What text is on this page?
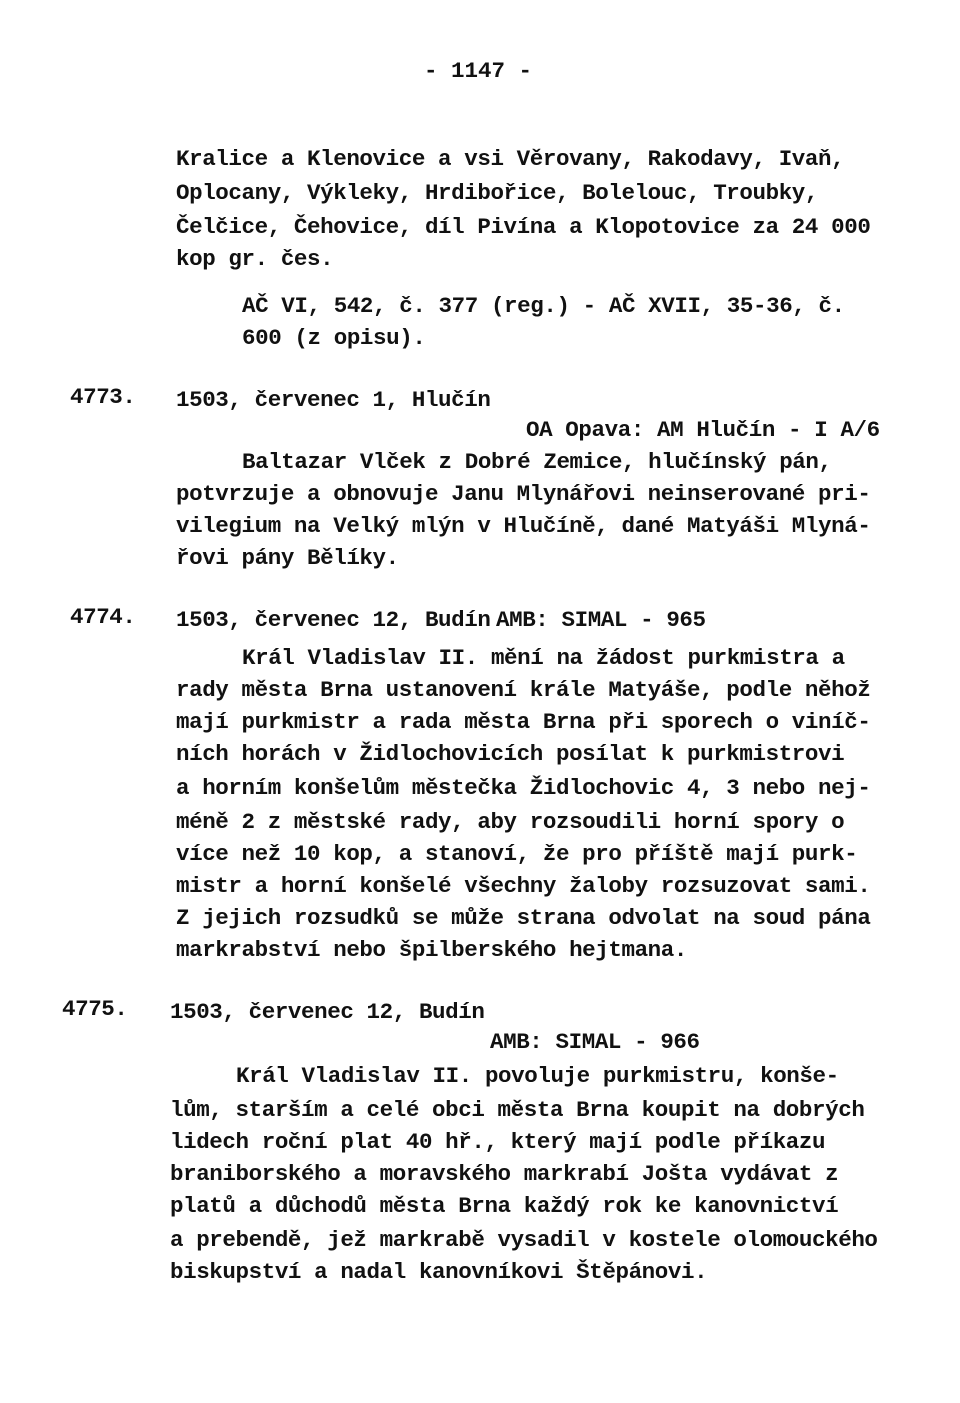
- 1147 -
Kralice a Klenovice a vsi Věrovany, Rakodavy, Ivaň,
Oplocany, Výkleky, Hrdibořice, Bolelouc, Troubky,
Čelčice, Čehovice, díl Pivína a Klopotovice za 24 000
kop gr. čes.
AČ VI, 542, č. 377 (reg.) - AČ XVII, 35-36, č.
600 (z opisu).
4773. 1503, červenec 1, Hlučín
OA Opava: AM Hlučín - I A/6
Baltazar Vlček z Dobré Zemice, hlučínský pán,
potvrzuje a obnovuje Janu Mlynářovi neinserované pri-
vilegium na Velký mlýn v Hlučíně, dané Matyáši Mlyná-
řovi pány Bělíky.
4774. 1503, červenec 12, Budín AMB: SIMAL - 965
Král Vladislav II. mění na žádost purkmistra a
rady města Brna ustanovení krále Matyáše, podle něhož
mají purkmistr a rada města Brna při sporech o viníč-
ních horách v Židlochovicích posílat k purkmistrovi
a horním konšelům městečka Židlochovic 4, 3 nebo nej-
méně 2 z městské rady, aby rozsoudili horní spory o
více než 10 kop, a stanoví, že pro příště mají purk-
mistr a horní konšelé všechny žaloby rozsuzovat sami.
Z jejich rozsudků se může strana odvolat na soud pána
markrabství nebo špilberského hejtmana.
4775. 1503, červenec 12, Budín
AMB: SIMAL - 966
Král Vladislav II. povoluje purkmistru, konše-
lům, starším a celé obci města Brna koupit na dobrých
lidech roční plat 40 hř., který mají podle příkazu
braniborského a moravského markrabí Jošta vydávat z
platů a důchodů města Brna každý rok ke kanovnictví
a prebendě, jež markrabě vysadil v kostele olomouckého
biskupství a nadal kanovníkovi Štěpánovi.
